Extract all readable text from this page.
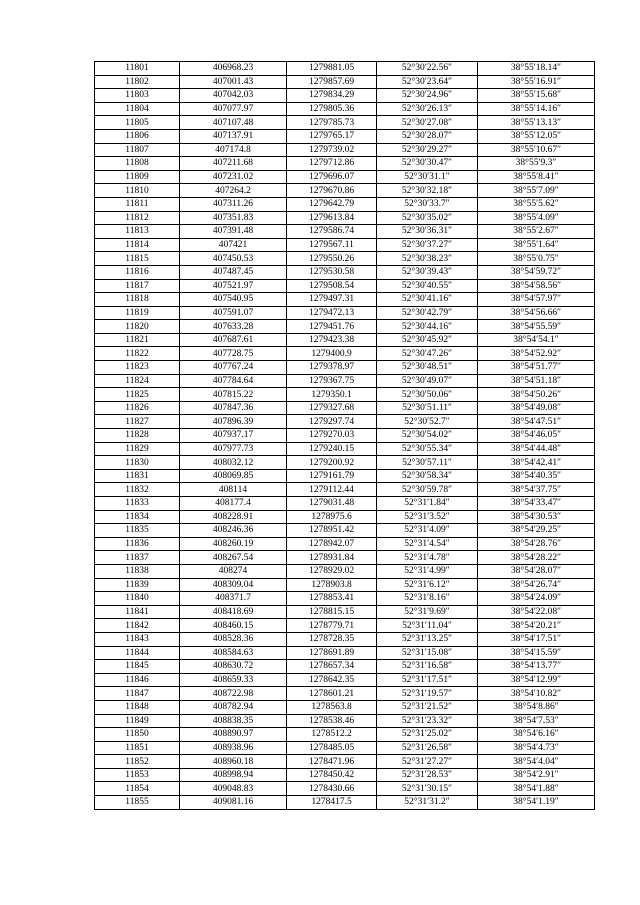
11801	406968.23	1279881.05	52°30′22.56″	38°55′18.14″
11802	407001.43	1279857.69	52°30′23.64″	38°55′16.91″
11803	407042.03	1279834.29	52°30′24.96″	38°55′15.68″
11804	407077.97	1279805.36	52°30′26.13″	38°55′14.16″
11805	407107.48	1279785.73	52°30′27.08″	38°55′13.13″
11806	407137.91	1279765.17	52°30′28.07″	38°55′12.05″
11807	407174.8	1279739.02	52°30′29.27″	38°55′10.67″
11808	407211.68	1279712.86	52°30′30.47″	38°55′9.3″
11809	407231.02	1279696.07	52°30′31.1″	38°55′8.41″
11810	407264.2	1279670.86	52°30′32.18″	38°55′7.09″
11811	407311.26	1279642.79	52°30′33.7″	38°55′5.62″
11812	407351.83	1279613.84	52°30′35.02″	38°55′4.09″
11813	407391.48	1279586.74	52°30′36.31″	38°55′2.67″
11814	407421	1279567.11	52°30′37.27″	38°55′1.64″
11815	407450.53	1279550.26	52°30′38.23″	38°55′0.75″
11816	407487.45	1279530.58	52°30′39.43″	38°54′59.72″
11817	407521.97	1279508.54	52°30′40.55″	38°54′58.56″
11818	407540.95	1279497.31	52°30′41.16″	38°54′57.97″
11819	407591.07	1279472.13	52°30′42.79″	38°54′56.66″
11820	407633.28	1279451.76	52°30′44.16″	38°54′55.59″
11821	407687.61	1279423.38	52°30′45.92″	38°54′54.1″
11822	407728.75	1279400.9	52°30′47.26″	38°54′52.92″
11823	407767.24	1279378.97	52°30′48.51″	38°54′51.77″
11824	407784.64	1279367.75	52°30′49.07″	38°54′51.18″
11825	407815.22	1279350.1	52°30′50.06″	38°54′50.26″
11826	407847.36	1279327.68	52°30′51.11″	38°54′49.08″
11827	407896.39	1279297.74	52°30′52.7″	38°54′47.51″
11828	407937.17	1279270.03	52°30′54.02″	38°54′46.05″
11829	407977.73	1279240.15	52°30′55.34″	38°54′44.48″
11830	408032.12	1279200.92	52°30′57.11″	38°54′42.41″
11831	408069.85	1279161.79	52°30′58.34″	38°54′40.35″
11832	408114	1279112.44	52°30′59.78″	38°54′37.75″
11833	408177.4	1279031.48	52°31′1.84″	38°54′33.47″
11834	408228.91	1278975.6	52°31′3.52″	38°54′30.53″
11835	408246.36	1278951.42	52°31′4.09″	38°54′29.25″
11836	408260.19	1278942.07	52°31′4.54″	38°54′28.76″
11837	408267.54	1278931.84	52°31′4.78″	38°54′28.22″
11838	408274	1278929.02	52°31′4.99″	38°54′28.07″
11839	408309.04	1278903.8	52°31′6.12″	38°54′26.74″
11840	408371.7	1278853.41	52°31′8.16″	38°54′24.09″
11841	408418.69	1278815.15	52°31′9.69″	38°54′22.08″
11842	408460.15	1278779.71	52°31′11.04″	38°54′20.21″
11843	408528.36	1278728.35	52°31′13.25″	38°54′17.51″
11844	408584.63	1278691.89	52°31′15.08″	38°54′15.59″
11845	408630.72	1278657.34	52°31′16.58″	38°54′13.77″
11846	408659.33	1278642.35	52°31′17.51″	38°54′12.99″
11847	408722.98	1278601.21	52°31′19.57″	38°54′10.82″
11848	408782.94	1278563.8	52°31′21.52″	38°54′8.86″
11849	408838.35	1278538.46	52°31′23.32″	38°54′7.53″
11850	408890.97	1278512.2	52°31′25.02″	38°54′6.16″
11851	408938.96	1278485.05	52°31′26.58″	38°54′4.73″
11852	408960.18	1278471.96	52°31′27.27″	38°54′4.04″
11853	408998.94	1278450.42	52°31′28.53″	38°54′2.91″
11854	409048.83	1278430.66	52°31′30.15″	38°54′1.88″
11855	409081.16	1278417.5	52°31′31.2″	38°54′1.19″
